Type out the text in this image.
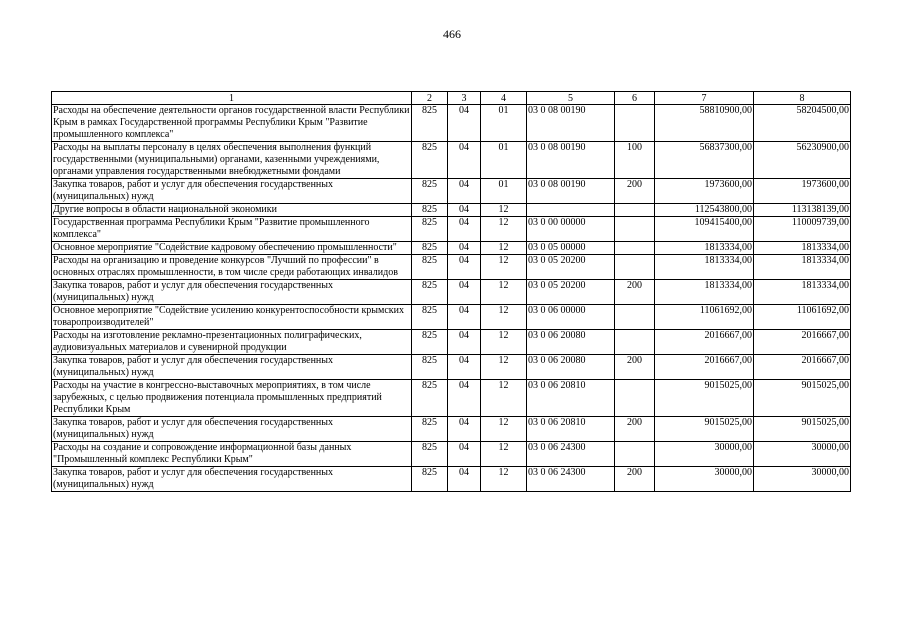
466
1	2	3	4	5	6	7	8
Расходы на обеспечение деятельности органов государственной власти Республики Крым в рамках Государственной программы Республики Крым "Развитие промышленного комплекса"	825	04	01	03 0 08 00190		58810900,00	58204500,00
Расходы на выплаты персоналу в целях обеспечения выполнения функций государственными (муниципальными) органами, казенными учреждениями, органами управления государственными внебюджетными фондами	825	04	01	03 0 08 00190	100	56837300,00	56230900,00
Закупка товаров, работ и услуг для обеспечения государственных (муниципальных) нужд	825	04	01	03 0 08 00190	200	1973600,00	1973600,00
Другие вопросы в области национальной экономики	825	04	12			112543800,00	113138139,00
Государственная программа Республики Крым "Развитие промышленного комплекса"	825	04	12	03 0 00 00000		109415400,00	110009739,00
Основное мероприятие "Содействие кадровому обеспечению промышленности"	825	04	12	03 0 05 00000		1813334,00	1813334,00
Расходы на организацию и проведение конкурсов "Лучший по профессии" в основных отраслях промышленности, в том числе среди работающих инвалидов	825	04	12	03 0 05 20200		1813334,00	1813334,00
Закупка товаров, работ и услуг для обеспечения государственных (муниципальных) нужд	825	04	12	03 0 05 20200	200	1813334,00	1813334,00
Основное мероприятие "Содействие усилению конкурентоспособности крымских товаропроизводителей"	825	04	12	03 0 06 00000		11061692,00	11061692,00
Расходы на изготовление рекламно-презентационных полиграфических, аудиовизуальных материалов и сувенирной продукции	825	04	12	03 0 06 20080		2016667,00	2016667,00
Закупка товаров, работ и услуг для обеспечения государственных (муниципальных) нужд	825	04	12	03 0 06 20080	200	2016667,00	2016667,00
Расходы на участие в конгрессно-выставочных мероприятиях, в том числе зарубежных, с целью продвижения потенциала промышленных предприятий Республики Крым	825	04	12	03 0 06 20810		9015025,00	9015025,00
Закупка товаров, работ и услуг для обеспечения государственных (муниципальных) нужд	825	04	12	03 0 06 20810	200	9015025,00	9015025,00
Расходы на создание и сопровождение информационной базы данных "Промышленный комплекс Республики Крым"	825	04	12	03 0 06 24300		30000,00	30000,00
Закупка товаров, работ и услуг для обеспечения государственных (муниципальных) нужд	825	04	12	03 0 06 24300	200	30000,00	30000,00
